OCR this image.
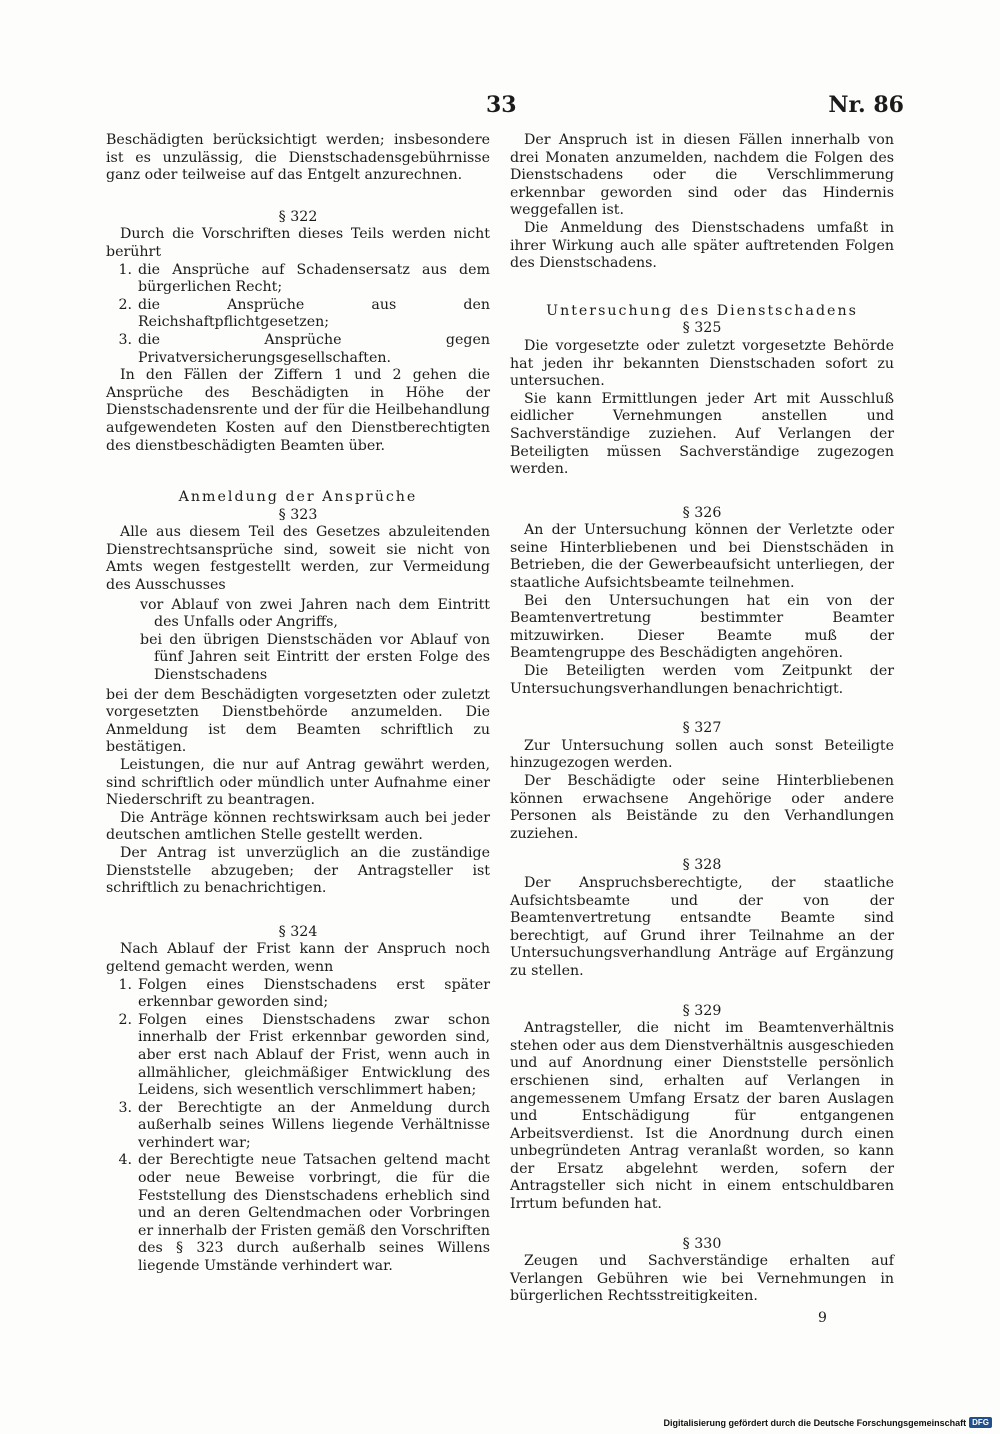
33	Nr. 86

Beschädigten berücksichtigt werden; insbesondere ist es unzulässig, die Dienstschadensgebührnisse ganz oder teilweise auf das Entgelt anzurechnen.

§ 322

Durch die Vorschriften dieses Teils werden nicht berührt

1. die Ansprüche auf Schadensersatz aus dem bürgerlichen Recht;
2. die Ansprüche aus den Reichshaftpflichtgesetzen;
3. die Ansprüche gegen Privatversicherungsgesellschaften.

In den Fällen der Ziffern 1 und 2 gehen die Ansprüche des Beschädigten in Höhe der Dienstschadensrente und der für die Heilbehandlung aufgewendeten Kosten auf den Dienstberechtigten des dienstbeschädigten Beamten über.

Anmeldung der Ansprüche

§ 323

Alle aus diesem Teil des Gesetzes abzuleitenden Dienstrechtsansprüche sind, soweit sie nicht von Amts wegen festgestellt werden, zur Vermeidung des Ausschusses

vor Ablauf von zwei Jahren nach dem Eintritt des Unfalls oder Angriffs,
bei den übrigen Dienstschäden vor Ablauf von fünf Jahren seit Eintritt der ersten Folge des Dienstschadens

bei der dem Beschädigten vorgesetzten oder zuletzt vorgesetzten Dienstbehörde anzumelden. Die Anmeldung ist dem Beamten schriftlich zu bestätigen.

Leistungen, die nur auf Antrag gewährt werden, sind schriftlich oder mündlich unter Aufnahme einer Niederschrift zu beantragen.

Die Anträge können rechtswirksam auch bei jeder deutschen amtlichen Stelle gestellt werden.

Der Antrag ist unverzüglich an die zuständige Dienststelle abzugeben; der Antragsteller ist schriftlich zu benachrichtigen.

§ 324

Nach Ablauf der Frist kann der Anspruch noch geltend gemacht werden, wenn

1. Folgen eines Dienstschadens erst später erkennbar geworden sind;
2. Folgen eines Dienstschadens zwar schon innerhalb der Frist erkennbar geworden sind, aber erst nach Ablauf der Frist, wenn auch in allmählicher, gleichmäßiger Entwicklung des Leidens, sich wesentlich verschlimmert haben;
3. der Berechtigte an der Anmeldung durch außerhalb seines Willens liegende Verhältnisse verhindert war;
4. der Berechtigte neue Tatsachen geltend macht oder neue Beweise vorbringt, die für die Feststellung des Dienstschadens erheblich sind und an deren Geltendmachen oder Vorbringen er innerhalb der Fristen gemäß den Vorschriften des § 323 durch außerhalb seines Willens liegende Umstände verhindert war.

Der Anspruch ist in diesen Fällen innerhalb von drei Monaten anzumelden, nachdem die Folgen des Dienstschadens oder die Verschlimmerung erkennbar geworden sind oder das Hindernis weggefallen ist.

Die Anmeldung des Dienstschadens umfaßt in ihrer Wirkung auch alle später auftretenden Folgen des Dienstschadens.

Untersuchung des Dienstschadens

§ 325

Die vorgesetzte oder zuletzt vorgesetzte Behörde hat jeden ihr bekannten Dienstschaden sofort zu untersuchen.

Sie kann Ermittlungen jeder Art mit Ausschluß eidlicher Vernehmungen anstellen und Sachverständige zuziehen. Auf Verlangen der Beteiligten müssen Sachverständige zugezogen werden.

§ 326

An der Untersuchung können der Verletzte oder seine Hinterbliebenen und bei Dienstschäden in Betrieben, die der Gewerbeaufsicht unterliegen, der staatliche Aufsichtsbeamte teilnehmen.

Bei den Untersuchungen hat ein von der Beamtenvertretung bestimmter Beamter mitzuwirken. Dieser Beamte muß der Beamtengruppe des Beschädigten angehören.

Die Beteiligten werden vom Zeitpunkt der Untersuchungsverhandlungen benachrichtigt.

§ 327

Zur Untersuchung sollen auch sonst Beteiligte hinzugezogen werden.

Der Beschädigte oder seine Hinterbliebenen können erwachsene Angehörige oder andere Personen als Beistände zu den Verhandlungen zuziehen.

§ 328

Der Anspruchsberechtigte, der staatliche Aufsichtsbeamte und der von der Beamtenvertretung entsandte Beamte sind berechtigt, auf Grund ihrer Teilnahme an der Untersuchungsverhandlung Anträge auf Ergänzung zu stellen.

§ 329

Antragsteller, die nicht im Beamtenverhältnis stehen oder aus dem Dienstverhältnis ausgeschieden und auf Anordnung einer Dienststelle persönlich erschienen sind, erhalten auf Verlangen in angemessenem Umfang Ersatz der baren Auslagen und Entschädigung für entgangenen Arbeitsverdienst. Ist die Anordnung durch einen unbegründeten Antrag veranlaßt worden, so kann der Ersatz abgelehnt werden, sofern der Antragsteller sich nicht in einem entschuldbaren Irrtum befunden hat.

§ 330

Zeugen und Sachverständige erhalten auf Verlangen Gebühren wie bei Vernehmungen in bürgerlichen Rechtsstreitigkeiten.

9
Digitalisierung gefördert durch die Deutsche Forschungsgemeinschaft DFG
